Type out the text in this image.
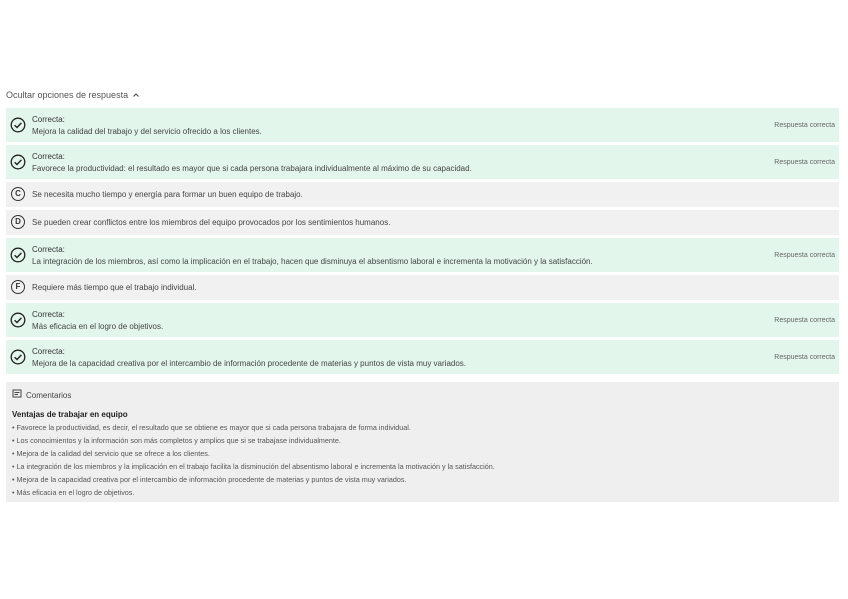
Ocultar opciones de respuesta
Correcta:
Mejora la calidad del trabajo y del servicio ofrecido a los clientes.
Respuesta correcta
Correcta:
Favorece la productividad: el resultado es mayor que si cada persona trabajara individualmente al máximo de su capacidad.
Respuesta correcta
C	Se necesita mucho tiempo y energía para formar un buen equipo de trabajo.
D	Se pueden crear conflictos entre los miembros del equipo provocados por los sentimientos humanos.
Correcta:
La integración de los miembros, así como la implicación en el trabajo, hacen que disminuya el absentismo laboral e incrementa la motivación y la satisfacción.
Respuesta correcta
F	Requiere más tiempo que el trabajo individual.
Correcta:
Más eficacia en el logro de objetivos.
Respuesta correcta
Correcta:
Mejora de la capacidad creativa por el intercambio de información procedente de materias y puntos de vista muy variados.
Respuesta correcta
Comentarios
Ventajas de trabajar en equipo
• Favorece la productividad, es decir, el resultado que se obtiene es mayor que si cada persona trabajara de forma individual.
• Los conocimientos y la información son más completos y amplios que si se trabajase individualmente.
• Mejora de la calidad del servicio que se ofrece a los clientes.
• La integración de los miembros y la implicación en el trabajo facilita la disminución del absentismo laboral e incrementa la motivación y la satisfacción.
• Mejora de la capacidad creativa por el intercambio de información procedente de materias y puntos de vista muy variados.
• Más eficacia en el logro de objetivos.
